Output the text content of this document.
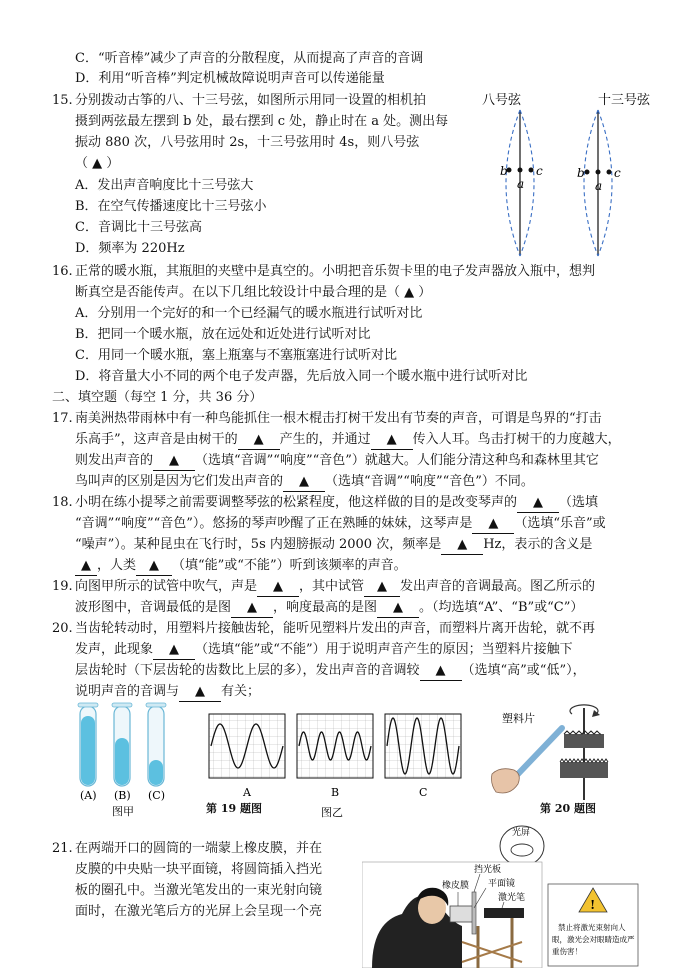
C．“听音棒”减少了声音的分散程度，从而提高了声音的音调
D．利用“听音棒”判定机械故障说明声音可以传递能量
15. 分别拨动古筝的八、十三号弦，如图所示用同一设置的相机拍
摄到两弦最左摆到 b 处，最右摆到 c 处，静止时在 a 处。测出每
振动 880 次，八号弦用时 2s，十三号弦用时 4s，则八号弦
（ ▲ ）
A．发出声音响度比十三号弦大
B．在空气传播速度比十三号弦小
C．音调比十三号弦高
D．频率为 220Hz
八号弦	十三号弦
b
a
c	b
a
c
16. 正常的暖水瓶，其瓶胆的夹壁中是真空的。小明把音乐贺卡里的电子发声器放入瓶中，想判
断真空是否能传声。在以下几组比较设计中最合理的是（ ▲ ）
A．分别用一个完好的和一个已经漏气的暖水瓶进行试听对比
B．把同一个暖水瓶，放在远处和近处进行试听对比
C．用同一个暖水瓶，塞上瓶塞与不塞瓶塞进行试听对比
D．将音量大小不同的两个电子发声器，先后放入同一个暖水瓶中进行试听对比
二、填空题（每空 1 分，共 36 分）
17. 南美洲热带雨林中有一种鸟能抓住一根木棍击打树干发出有节奏的声音，可谓是鸟界的“打击
乐高手”，这声音是由树干的 ▲ 产生的，并通过 ▲ 传入人耳。鸟击打树干的力度越大，
则发出声音的 ▲ （选填“音调”“响度”“音色”）就越大。人们能分清这种鸟和森林里其它
鸟叫声的区别是因为它们发出声音的 ▲ （选填“音调”“响度”“音色”）不同。
18. 小明在练小提琴之前需要调整琴弦的松紧程度，他这样做的目的是改变琴声的 ▲ （选填
“音调”“响度”“音色”）。悠扬的琴声吵醒了正在熟睡的妹妹，这琴声是 ▲ （选填“乐音”或
“噪声”）。某种昆虫在飞行时，5s 内翅膀振动 2000 次，频率是 ▲ Hz，表示的含义是
▲ ，人类 ▲ （填“能”或“不能”）听到该频率的声音。
19. 向图甲所示的试管中吹气，声是 ▲ ，其中试管 ▲ 发出声音的音调最高。图乙所示的
波形图中，音调最低的是图 ▲ ，响度最高的是图 ▲ 。（均选填“A”、“B”或“C”）
20. 当齿轮转动时，用塑料片接触齿轮，能听见塑料片发出的声音，而塑料片离开齿轮，就不再
发声，此现象 ▲ （选填“能”或“不能”）用于说明声音产生的原因；当塑料片接触下
层齿轮时（下层齿轮的齿数比上层的多），发出声音的音调较 ▲ （选填“高”或“低”），
说明声音的音调与 ▲ 有关；
(A) (B) (C)
图甲
A	B	C
图乙
第 19 题图
塑料片
第 20 题图
21. 在两端开口的圆筒的一端蒙上橡皮膜，并在
皮膜的中央贴一块平面镜，将圆筒插入挡光
板的圈孔中。当激光笔发出的一束光射向镜
面时，在激光笔后方的光屏上会呈现一个亮
光屏
橡皮膜
挡光板
平面镜
激光笔	!
禁止将激光束射向人
眼，激光会对眼睛造成严
重伤害！
